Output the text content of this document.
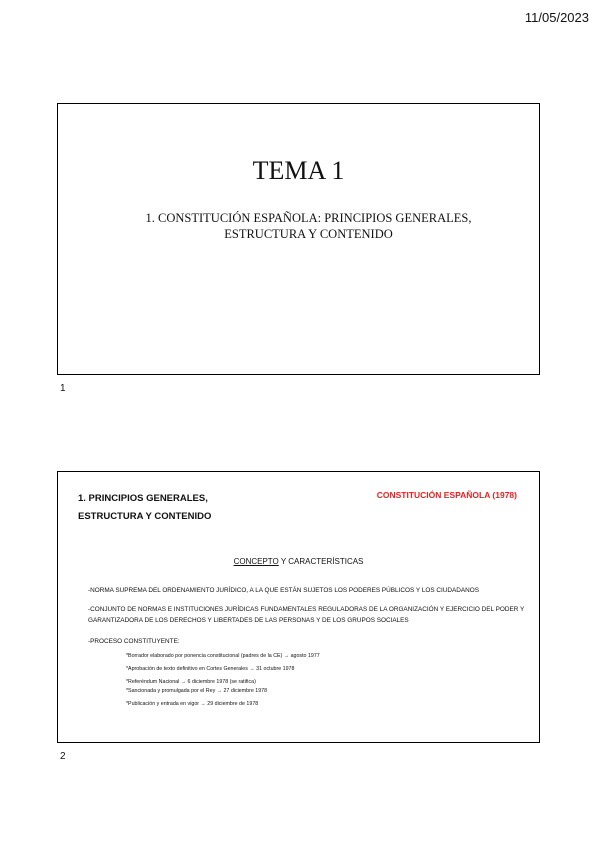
11/05/2023
TEMA 1
1. CONSTITUCIÓN ESPAÑOLA: PRINCIPIOS GENERALES,
ESTRUCTURA Y CONTENIDO
1
1. PRINCIPIOS GENERALES,
ESTRUCTURA Y CONTENIDO
CONSTITUCIÓN ESPAÑOLA (1978)
CONCEPTO Y CARACTERÍSTICAS
-NORMA SUPREMA DEL ORDENAMIENTO JURÍDICO, A LA QUE ESTÁN SUJETOS LOS PODERES PÚBLICOS Y LOS CIUDADANOS
-CONJUNTO DE NORMAS E INSTITUCIONES JURÍDICAS FUNDAMENTALES REGULADORAS DE LA ORGANIZACIÓN Y EJERCICIO DEL PODER Y GARANTIZADORA DE LOS DERECHOS Y LIBERTADES DE LAS PERSONAS Y DE LOS GRUPOS SOCIALES
-PROCESO CONSTITUYENTE:
*Borrador elaborado por ponencia constitucional (padres de la CE) → agosto 1977
*Aprobación de texto definitivo en Cortes Generales → 31 octubre 1978
*Referéndum Nacional → 6 diciembre 1978 (se ratifica)
*Sancionada y promulgada por el Rey → 27 diciembre 1978
*Publicación y entrada en vigor → 29 diciembre de 1978
2
